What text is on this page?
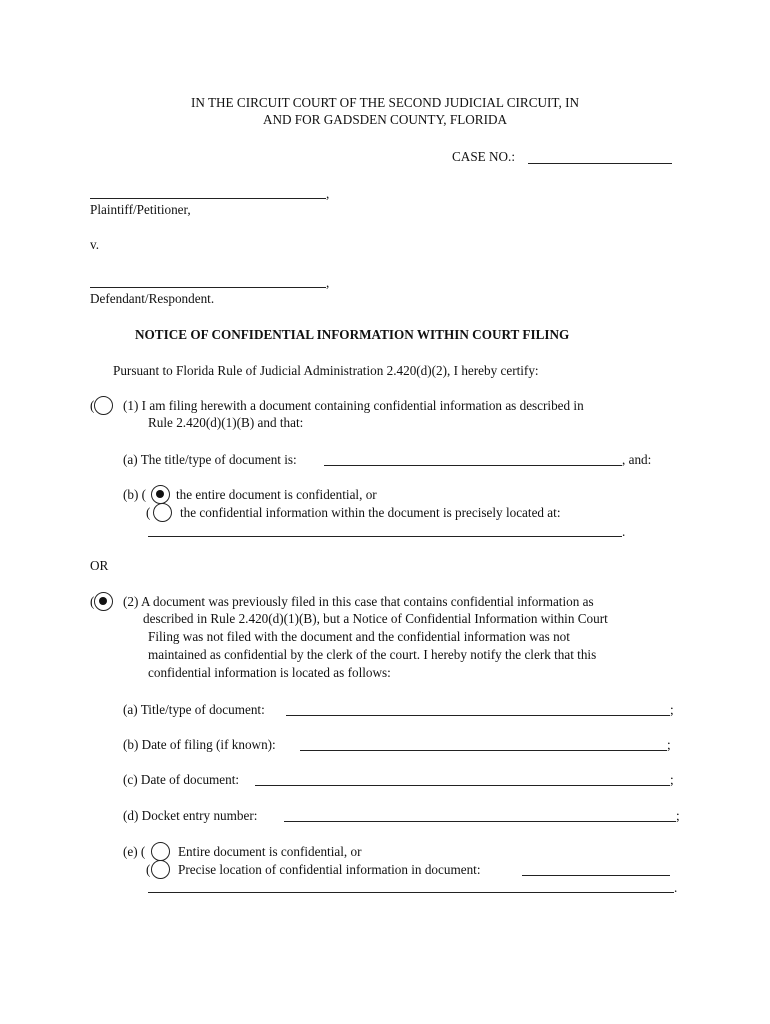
IN THE CIRCUIT COURT OF THE SECOND JUDICIAL CIRCUIT, IN
AND FOR GADSDEN COUNTY, FLORIDA
CASE NO.:
,
Plaintiff/Petitioner,
v.
,
Defendant/Respondent.
NOTICE OF CONFIDENTIAL INFORMATION WITHIN COURT FILING
Pursuant to Florida Rule of Judicial Administration 2.420(d)(2), I hereby certify:
( (1) I am filing herewith a document containing confidential information as described in
Rule 2.420(d)(1)(B) and that:
(a) The title/type of document is:	, and:
(b) ( the entire document is confidential, or
( the confidential information within the document is precisely located at:
.
OR
( (2) A document was previously filed in this case that contains confidential information as
described in Rule 2.420(d)(1)(B), but a Notice of Confidential Information within Court
Filing was not filed with the document and the confidential information was not
maintained as confidential by the clerk of the court. I hereby notify the clerk that this
confidential information is located as follows:
(a) Title/type of document:	;
(b) Date of filing (if known):	;
(c) Date of document:	;
(d) Docket entry number:	;
(e) ( Entire document is confidential, or
( Precise location of confidential information in document:
.
